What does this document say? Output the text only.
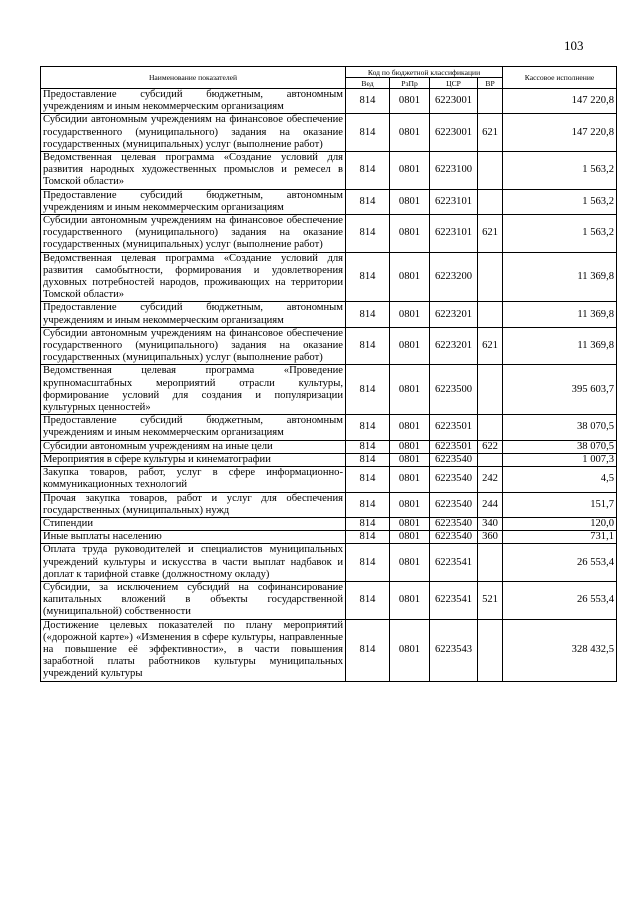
103
Наименование показателей	Код по бюджетной классификации				Кассовое исполнение
	Вед	РзПр	ЦСР	ВР	
Предоставление субсидий бюджетным, автономным учреждениям и иным некоммерческим организациям	814	0801	6223001		147 220,8
Субсидии автономным учреждениям на финансовое обеспечение государственного (муниципального) задания на оказание государственных (муниципальных) услуг (выполнение работ)	814	0801	6223001	621	147 220,8
Ведомственная целевая программа «Создание условий для развития народных художественных промыслов и ремесел в Томской области»	814	0801	6223100		1 563,2
Предоставление субсидий бюджетным, автономным учреждениям и иным некоммерческим организациям	814	0801	6223101		1 563,2
Субсидии автономным учреждениям на финансовое обеспечение государственного (муниципального) задания на оказание государственных (муниципальных) услуг (выполнение работ)	814	0801	6223101	621	1 563,2
Ведомственная целевая программа «Создание условий для развития самобытности, формирования и удовлетворения духовных потребностей народов, проживающих на территории Томской области»	814	0801	6223200		11 369,8
Предоставление субсидий бюджетным, автономным учреждениям и иным некоммерческим организациям	814	0801	6223201		11 369,8
Субсидии автономным учреждениям на финансовое обеспечение государственного (муниципального) задания на оказание государственных (муниципальных) услуг (выполнение работ)	814	0801	6223201	621	11 369,8
Ведомственная целевая программа «Проведение крупномасштабных мероприятий отрасли культуры, формирование условий для создания и популяризации культурных ценностей»	814	0801	6223500		395 603,7
Предоставление субсидий бюджетным, автономным учреждениям и иным некоммерческим организациям	814	0801	6223501		38 070,5
Субсидии автономным учреждениям на иные цели	814	0801	6223501	622	38 070,5
Мероприятия в сфере культуры и кинематографии	814	0801	6223540		1 007,3
Закупка товаров, работ, услуг в сфере информационно-коммуникационных технологий	814	0801	6223540	242	4,5
Прочая закупка товаров, работ и услуг для обеспечения государственных (муниципальных) нужд	814	0801	6223540	244	151,7
Стипендии	814	0801	6223540	340	120,0
Иные выплаты населению	814	0801	6223540	360	731,1
Оплата труда руководителей и специалистов муниципальных учреждений культуры и искусства в части выплат надбавок и доплат к тарифной ставке (должностному окладу)	814	0801	6223541		26 553,4
Субсидии, за исключением субсидий на софинансирование капитальных вложений в объекты государственной (муниципальной) собственности	814	0801	6223541	521	26 553,4
Достижение целевых показателей по плану мероприятий («дорожной карте») «Изменения в сфере культуры, направленные на повышение её эффективности», в части повышения заработной платы работников культуры муниципальных учреждений культуры	814	0801	6223543		328 432,5
